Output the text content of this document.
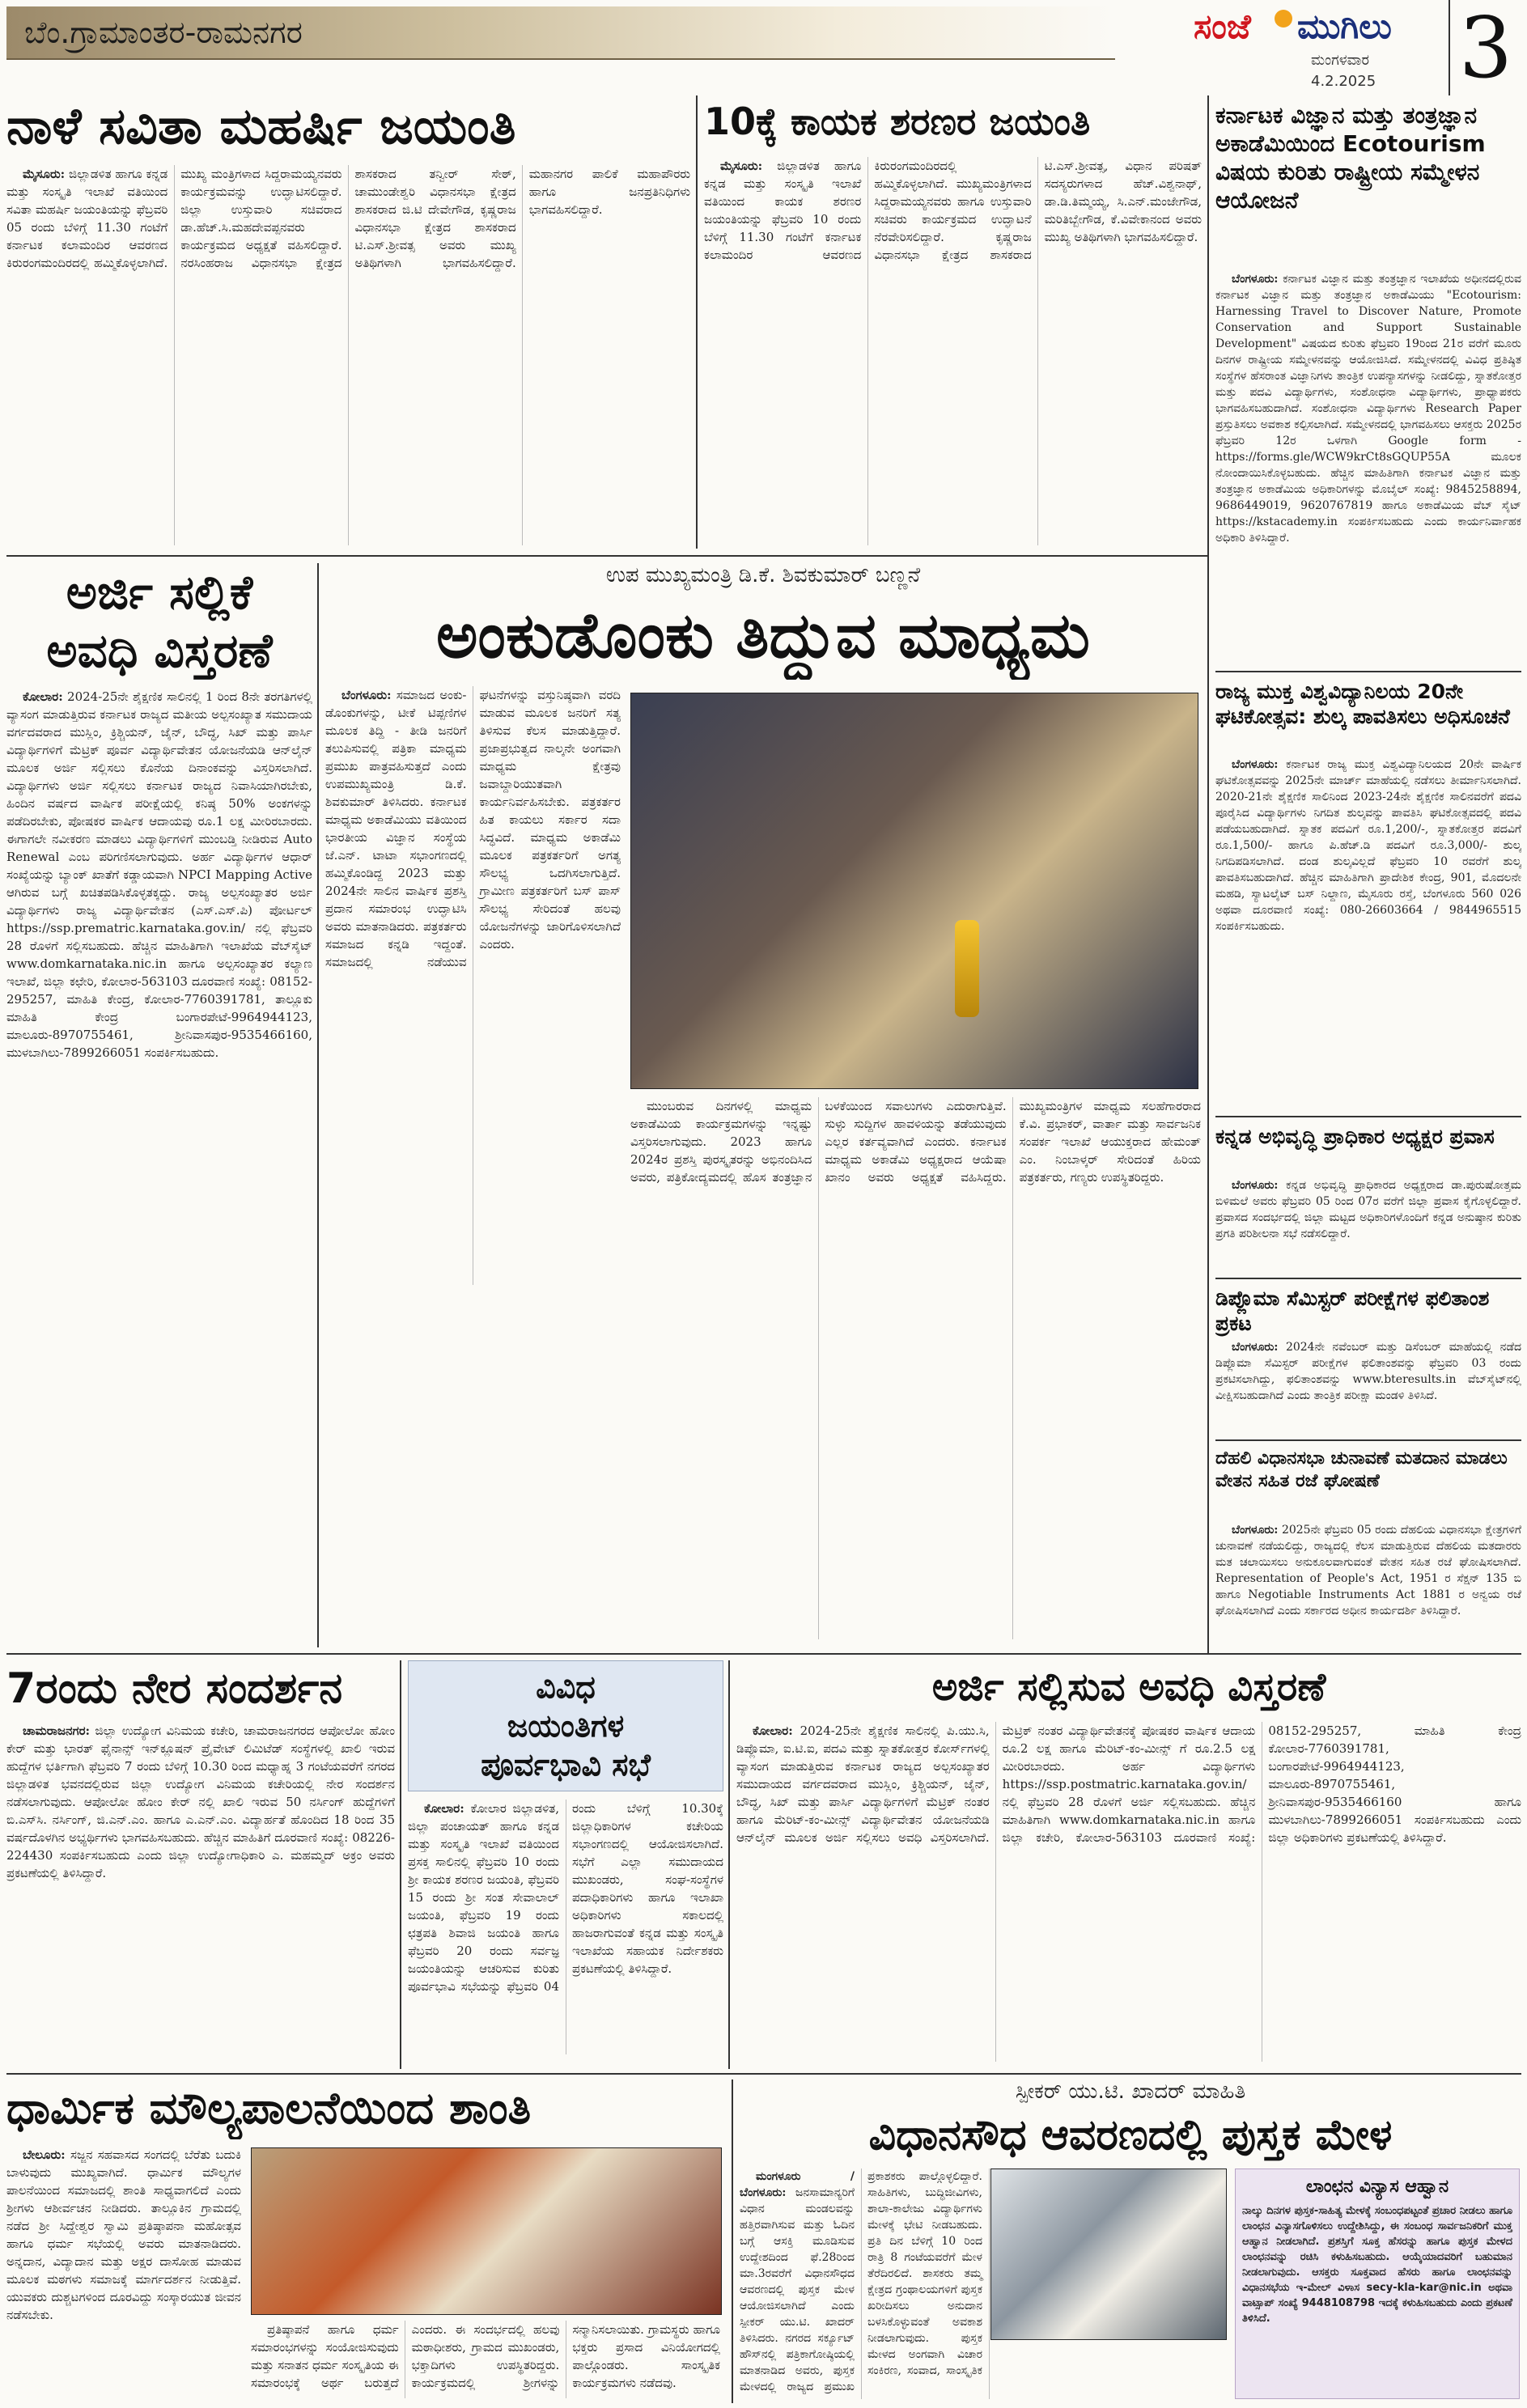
ಬೆಂ.ಗ್ರಾಮಾಂತರ-ರಾಮನಗರ	ಸಂಜೆ ಮುಗಿಲು
ಮಂಗಳವಾರ
4.2.2025 3
ನಾಳೆ ಸವಿತಾ ಮಹರ್ಷಿ ಜಯಂತಿ

ಮೈಸೂರು: ಜಿಲ್ಲಾಡಳಿತ ಹಾಗೂ ಕನ್ನಡ ಮತ್ತು ಸಂಸ್ಕೃತಿ ಇಲಾಖೆ ವತಿಯಿಂದ ಸವಿತಾ ಮಹರ್ಷಿ ಜಯಂತಿಯನ್ನು ಫೆಬ್ರವರಿ 05 ರಂದು ಬೆಳಿಗ್ಗೆ 11.30 ಗಂಟೆಗೆ ಕರ್ನಾಟಕ ಕಲಾಮಂದಿರ ಆವರಣದ ಕಿರುರಂಗಮಂದಿರದಲ್ಲಿ ಹಮ್ಮಿಕೊಳ್ಳಲಾಗಿದೆ. ಮುಖ್ಯ ಮಂತ್ರಿಗಳಾದ ಸಿದ್ದರಾಮಯ್ಯನವರು ಕಾರ್ಯಕ್ರಮವನ್ನು ಉದ್ಘಾಟಿಸಲಿದ್ದಾರೆ. ಜಿಲ್ಲಾ ಉಸ್ತುವಾರಿ ಸಚಿವರಾದ ಡಾ.ಹೆಚ್.ಸಿ.ಮಹದೇವಪ್ಪನವರು ಕಾರ್ಯಕ್ರಮದ ಅಧ್ಯಕ್ಷತೆ ವಹಿಸಲಿದ್ದಾರೆ. ನರಸಿಂಹರಾಜ ವಿಧಾನಸಭಾ ಕ್ಷೇತ್ರದ ಶಾಸಕರಾದ ತನ್ವೀರ್ ಸೇಠ್, ಚಾಮುಂಡೇಶ್ವರಿ ವಿಧಾನಸಭಾ ಕ್ಷೇತ್ರದ ಶಾಸಕರಾದ ಜಿ.ಟಿ ದೇವೇಗೌಡ, ಕೃಷ್ಣರಾಜ ವಿಧಾನಸಭಾ ಕ್ಷೇತ್ರದ ಶಾಸಕರಾದ ಟಿ.ಎಸ್.ಶ್ರೀವತ್ಸ ಅವರು ಮುಖ್ಯ ಅತಿಥಿಗಳಾಗಿ ಭಾಗವಹಿಸಲಿದ್ದಾರೆ. ಮಹಾನಗರ ಪಾಲಿಕೆ ಮಹಾಪೌರರು ಹಾಗೂ ಜನಪ್ರತಿನಿಧಿಗಳು ಭಾಗವಹಿಸಲಿದ್ದಾರೆ.

10ಕ್ಕೆ ಕಾಯಕ ಶರಣರ ಜಯಂತಿ

ಮೈಸೂರು: ಜಿಲ್ಲಾಡಳಿತ ಹಾಗೂ ಕನ್ನಡ ಮತ್ತು ಸಂಸ್ಕೃತಿ ಇಲಾಖೆ ವತಿಯಿಂದ ಕಾಯಕ ಶರಣರ ಜಯಂತಿಯನ್ನು ಫೆಬ್ರವರಿ 10 ರಂದು ಬೆಳಿಗ್ಗೆ 11.30 ಗಂಟೆಗೆ ಕರ್ನಾಟಕ ಕಲಾಮಂದಿರ ಆವರಣದ ಕಿರುರಂಗಮಂದಿರದಲ್ಲಿ ಹಮ್ಮಿಕೊಳ್ಳಲಾಗಿದೆ. ಮುಖ್ಯಮಂತ್ರಿಗಳಾದ ಸಿದ್ದರಾಮಯ್ಯನವರು ಹಾಗೂ ಉಸ್ತುವಾರಿ ಸಚಿವರು ಕಾರ್ಯಕ್ರಮದ ಉದ್ಘಾಟನೆ ನೆರವೇರಿಸಲಿದ್ದಾರೆ. ಕೃಷ್ಣರಾಜ ವಿಧಾನಸಭಾ ಕ್ಷೇತ್ರದ ಶಾಸಕರಾದ ಟಿ.ಎಸ್.ಶ್ರೀವತ್ಸ, ವಿಧಾನ ಪರಿಷತ್ ಸದಸ್ಯರುಗಳಾದ ಹೆಚ್.ವಿಶ್ವನಾಥ್, ಡಾ.ಡಿ.ತಿಮ್ಮಯ್ಯ, ಸಿ.ಎನ್.ಮಂಜೇಗೌಡ, ಮರಿತಿಬ್ಬೇಗೌಡ, ಕೆ.ವಿವೇಕಾನಂದ ಅವರು ಮುಖ್ಯ ಅತಿಥಿಗಳಾಗಿ ಭಾಗವಹಿಸಲಿದ್ದಾರೆ.

ಕರ್ನಾಟಕ ವಿಜ್ಞಾನ ಮತ್ತು ತಂತ್ರಜ್ಞಾನ ಅಕಾಡೆಮಿಯಿಂದ Ecotourism ವಿಷಯ ಕುರಿತು ರಾಷ್ಟ್ರೀಯ ಸಮ್ಮೇಳನ ಆಯೋಜನೆ

ಬೆಂಗಳೂರು: ಕರ್ನಾಟಕ ವಿಜ್ಞಾನ ಮತ್ತು ತಂತ್ರಜ್ಞಾನ ಇಲಾಖೆಯ ಅಧೀನದಲ್ಲಿರುವ ಕರ್ನಾಟಕ ವಿಜ್ಞಾನ ಮತ್ತು ತಂತ್ರಜ್ಞಾನ ಅಕಾಡೆಮಿಯು "Ecotourism: Harnessing Travel to Discover Nature, Promote Conservation and Support Sustainable Development" ವಿಷಯದ ಕುರಿತು ಫೆಬ್ರವರಿ 19ರಿಂದ 21ರ ವರೆಗೆ ಮೂರು ದಿನಗಳ ರಾಷ್ಟ್ರೀಯ ಸಮ್ಮೇಳನವನ್ನು ಆಯೋಜಿಸಿದೆ. ಸಮ್ಮೇಳನದಲ್ಲಿ ವಿವಿಧ ಪ್ರತಿಷ್ಠಿತ ಸಂಸ್ಥೆಗಳ ಹೆಸರಾಂತ ವಿಜ್ಞಾನಿಗಳು ತಾಂತ್ರಿಕ ಉಪನ್ಯಾಸಗಳನ್ನು ನೀಡಲಿದ್ದು, ಸ್ನಾತಕೋತ್ತರ ಮತ್ತು ಪದವಿ ವಿದ್ಯಾರ್ಥಿಗಳು, ಸಂಶೋಧನಾ ವಿದ್ಯಾರ್ಥಿಗಳು, ಪ್ರಾಧ್ಯಾಪಕರು ಭಾಗವಹಿಸಬಹುದಾಗಿದೆ. ಸಂಶೋಧನಾ ವಿದ್ಯಾರ್ಥಿಗಳು Research Paper ಪ್ರಸ್ತುತಿಸಲು ಅವಕಾಶ ಕಲ್ಪಿಸಲಾಗಿದೆ. ಸಮ್ಮೇಳನದಲ್ಲಿ ಭಾಗವಹಿಸಲು ಆಸಕ್ತರು 2025ರ ಫೆಬ್ರವರಿ 12ರ ಒಳಗಾಗಿ Google form - https://forms.gle/WCW9krCt8sGQUP55A ಮೂಲಕ ನೋಂದಾಯಿಸಿಕೊಳ್ಳಬಹುದು. ಹೆಚ್ಚಿನ ಮಾಹಿತಿಗಾಗಿ ಕರ್ನಾಟಕ ವಿಜ್ಞಾನ ಮತ್ತು ತಂತ್ರಜ್ಞಾನ ಅಕಾಡೆಮಿಯ ಅಧಿಕಾರಿಗಳನ್ನು ಮೊಬೈಲ್ ಸಂಖ್ಯೆ: 9845258894, 9686449019, 9620767819 ಹಾಗೂ ಅಕಾಡೆಮಿಯ ವೆಬ್ ಸೈಟ್ https://kstacademy.in ಸಂಪರ್ಕಿಸಬಹುದು ಎಂದು ಕಾರ್ಯನಿರ್ವಾಹಕ ಅಧಿಕಾರಿ ತಿಳಿಸಿದ್ದಾರೆ.

ರಾಜ್ಯ ಮುಕ್ತ ವಿಶ್ವವಿದ್ಯಾನಿಲಯ 20ನೇ ಘಟಿಕೋತ್ಸವ: ಶುಲ್ಕ ಪಾವತಿಸಲು ಅಧಿಸೂಚನೆ

ಬೆಂಗಳೂರು: ಕರ್ನಾಟಕ ರಾಜ್ಯ ಮುಕ್ತ ವಿಶ್ವವಿದ್ಯಾನಿಲಯದ 20ನೇ ವಾರ್ಷಿಕ ಘಟಿಕೋತ್ಸವವನ್ನು 2025ನೇ ಮಾರ್ಚ್ ಮಾಹೆಯಲ್ಲಿ ನಡೆಸಲು ತೀರ್ಮಾನಿಸಲಾಗಿದೆ. 2020-21ನೇ ಶೈಕ್ಷಣಿಕ ಸಾಲಿನಿಂದ 2023-24ನೇ ಶೈಕ್ಷಣಿಕ ಸಾಲಿನವರೆಗೆ ಪದವಿ ಪೂರೈಸಿದ ವಿದ್ಯಾರ್ಥಿಗಳು ನಿಗದಿತ ಶುಲ್ಕವನ್ನು ಪಾವತಿಸಿ ಘಟಿಕೋತ್ಸವದಲ್ಲಿ ಪದವಿ ಪಡೆಯಬಹುದಾಗಿದೆ. ಸ್ನಾತಕ ಪದವಿಗೆ ರೂ.1,200/-, ಸ್ನಾತಕೋತ್ತರ ಪದವಿಗೆ ರೂ.1,500/- ಹಾಗೂ ಪಿ.ಹೆಚ್.ಡಿ ಪದವಿಗೆ ರೂ.3,000/- ಶುಲ್ಕ ನಿಗದಿಪಡಿಸಲಾಗಿದೆ. ದಂಡ ಶುಲ್ಕವಿಲ್ಲದೆ ಫೆಬ್ರವರಿ 10 ರವರೆಗೆ ಶುಲ್ಕ ಪಾವತಿಸಬಹುದಾಗಿದೆ. ಹೆಚ್ಚಿನ ಮಾಹಿತಿಗಾಗಿ ಪ್ರಾದೇಶಿಕ ಕೇಂದ್ರ, 901, ಮೊದಲನೇ ಮಹಡಿ, ಸ್ಯಾಟಲೈಟ್ ಬಸ್ ನಿಲ್ದಾಣ, ಮೈಸೂರು ರಸ್ತೆ, ಬೆಂಗಳೂರು 560 026 ಅಥವಾ ದೂರವಾಣಿ ಸಂಖ್ಯೆ: 080-26603664 / 9844965515 ಸಂಪರ್ಕಿಸಬಹುದು.

ಕನ್ನಡ ಅಭಿವೃದ್ಧಿ ಪ್ರಾಧಿಕಾರ ಅಧ್ಯಕ್ಷರ ಪ್ರವಾಸ

ಬೆಂಗಳೂರು: ಕನ್ನಡ ಅಭಿವೃದ್ಧಿ ಪ್ರಾಧಿಕಾರದ ಅಧ್ಯಕ್ಷರಾದ ಡಾ.ಪುರುಷೋತ್ತಮ ಬಿಳಿಮಲೆ ಅವರು ಫೆಬ್ರವರಿ 05 ರಿಂದ 07ರ ವರೆಗೆ ಜಿಲ್ಲಾ ಪ್ರವಾಸ ಕೈಗೊಳ್ಳಲಿದ್ದಾರೆ. ಪ್ರವಾಸದ ಸಂದರ್ಭದಲ್ಲಿ ಜಿಲ್ಲಾ ಮಟ್ಟದ ಅಧಿಕಾರಿಗಳೊಂದಿಗೆ ಕನ್ನಡ ಅನುಷ್ಠಾನ ಕುರಿತು ಪ್ರಗತಿ ಪರಿಶೀಲನಾ ಸಭೆ ನಡೆಸಲಿದ್ದಾರೆ.

ಡಿಪ್ಲೊಮಾ ಸೆಮಿಸ್ಟರ್ ಪರೀಕ್ಷೆಗಳ ಫಲಿತಾಂಶ ಪ್ರಕಟ

ಬೆಂಗಳೂರು: 2024ನೇ ನವೆಂಬರ್ ಮತ್ತು ಡಿಸೆಂಬರ್ ಮಾಹೆಯಲ್ಲಿ ನಡೆದ ಡಿಪ್ಲೊಮಾ ಸೆಮಿಸ್ಟರ್ ಪರೀಕ್ಷೆಗಳ ಫಲಿತಾಂಶವನ್ನು ಫೆಬ್ರವರಿ 03 ರಂದು ಪ್ರಕಟಿಸಲಾಗಿದ್ದು, ಫಲಿತಾಂಶವನ್ನು www.bteresults.in ವೆಬ್‌ಸೈಟ್‌ನಲ್ಲಿ ವೀಕ್ಷಿಸಬಹುದಾಗಿದೆ ಎಂದು ತಾಂತ್ರಿಕ ಪರೀಕ್ಷಾ ಮಂಡಳಿ ತಿಳಿಸಿದೆ.

ದೆಹಲಿ ವಿಧಾನಸಭಾ ಚುನಾವಣೆ ಮತದಾನ ಮಾಡಲು ವೇತನ ಸಹಿತ ರಜೆ ಘೋಷಣೆ

ಬೆಂಗಳೂರು: 2025ನೇ ಫೆಬ್ರವರಿ 05 ರಂದು ದೆಹಲಿಯ ವಿಧಾನಸಭಾ ಕ್ಷೇತ್ರಗಳಿಗೆ ಚುನಾವಣೆ ನಡೆಯಲಿದ್ದು, ರಾಜ್ಯದಲ್ಲಿ ಕೆಲಸ ಮಾಡುತ್ತಿರುವ ದೆಹಲಿಯ ಮತದಾರರು ಮತ ಚಲಾಯಿಸಲು ಅನುಕೂಲವಾಗುವಂತೆ ವೇತನ ಸಹಿತ ರಜೆ ಘೋಷಿಸಲಾಗಿದೆ. Representation of People's Act, 1951 ರ ಸೆಕ್ಷನ್ 135 ಬಿ ಹಾಗೂ Negotiable Instruments Act 1881 ರ ಅನ್ವಯ ರಜೆ ಘೋಷಿಸಲಾಗಿದೆ ಎಂದು ಸರ್ಕಾರದ ಅಧೀನ ಕಾರ್ಯದರ್ಶಿ ತಿಳಿಸಿದ್ದಾರೆ.

ಅರ್ಜಿ ಸಲ್ಲಿಕೆ
ಅವಧಿ ವಿಸ್ತರಣೆ

ಕೋಲಾರ: 2024-25ನೇ ಶೈಕ್ಷಣಿಕ ಸಾಲಿನಲ್ಲಿ 1 ರಿಂದ 8ನೇ ತರಗತಿಗಳಲ್ಲಿ ವ್ಯಾಸಂಗ ಮಾಡುತ್ತಿರುವ ಕರ್ನಾಟಕ ರಾಜ್ಯದ ಮತೀಯ ಅಲ್ಪಸಂಖ್ಯಾತ ಸಮುದಾಯ ವರ್ಗದವರಾದ ಮುಸ್ಲಿಂ, ಕ್ರಿಶ್ಚಿಯನ್, ಜೈನ್, ಬೌದ್ಧ, ಸಿಖ್ ಮತ್ತು ಪಾರ್ಸಿ ವಿದ್ಯಾರ್ಥಿಗಳಿಗೆ ಮೆಟ್ರಿಕ್ ಪೂರ್ವ ವಿದ್ಯಾರ್ಥಿವೇತನ ಯೋಜನೆಯಡಿ ಆನ್‌ಲೈನ್ ಮೂಲಕ ಅರ್ಜಿ ಸಲ್ಲಿಸಲು ಕೊನೆಯ ದಿನಾಂಕವನ್ನು ವಿಸ್ತರಿಸಲಾಗಿದೆ. ವಿದ್ಯಾರ್ಥಿಗಳು ಅರ್ಜಿ ಸಲ್ಲಿಸಲು ಕರ್ನಾಟಕ ರಾಜ್ಯದ ನಿವಾಸಿಯಾಗಿರಬೇಕು, ಹಿಂದಿನ ವರ್ಷದ ವಾರ್ಷಿಕ ಪರೀಕ್ಷೆಯಲ್ಲಿ ಕನಿಷ್ಠ 50% ಅಂಕಗಳನ್ನು ಪಡೆದಿರಬೇಕು, ಪೋಷಕರ ವಾರ್ಷಿಕ ಆದಾಯವು ರೂ.1 ಲಕ್ಷ ಮೀರಿರಬಾರದು. ಈಗಾಗಲೇ ನವೀಕರಣ ಮಾಡಲು ವಿದ್ಯಾರ್ಥಿಗಳಿಗೆ ಮುಂಬಡ್ತಿ ನೀಡಿರುವ Auto Renewal ಎಂಬ ಪರಿಗಣಿಸಲಾಗುವುದು. ಅರ್ಹ ವಿದ್ಯಾರ್ಥಿಗಳ ಆಧಾರ್ ಸಂಖ್ಯೆಯನ್ನು ಬ್ಯಾಂಕ್ ಖಾತೆಗೆ ಕಡ್ಡಾಯವಾಗಿ NPCI Mapping Active ಆಗಿರುವ ಬಗ್ಗೆ ಖಚಿತಪಡಿಸಿಕೊಳ್ಳತಕ್ಕದ್ದು. ರಾಜ್ಯ ಅಲ್ಪಸಂಖ್ಯಾತರ ಅರ್ಜಿ ವಿದ್ಯಾರ್ಥಿಗಳು ರಾಜ್ಯ ವಿದ್ಯಾರ್ಥಿವೇತನ (ಎಸ್.ಎಸ್.ಪಿ) ಪೋರ್ಟಲ್ https://ssp.prematric.karnataka.gov.in/ ನಲ್ಲಿ ಫೆಬ್ರವರಿ 28 ರೊಳಗೆ ಸಲ್ಲಿಸಬಹುದು. ಹೆಚ್ಚಿನ ಮಾಹಿತಿಗಾಗಿ ಇಲಾಖೆಯ ವೆಬ್‌ಸೈಟ್ www.domkarnataka.nic.in ಹಾಗೂ ಅಲ್ಪಸಂಖ್ಯಾತರ ಕಲ್ಯಾಣ ಇಲಾಖೆ, ಜಿಲ್ಲಾ ಕಛೇರಿ, ಕೋಲಾರ-563103 ದೂರವಾಣಿ ಸಂಖ್ಯೆ: 08152-295257, ಮಾಹಿತಿ ಕೇಂದ್ರ, ಕೋಲಾರ-7760391781, ತಾಲ್ಲೂಕು ಮಾಹಿತಿ ಕೇಂದ್ರ ಬಂಗಾರಪೇಟೆ-9964944123, ಮಾಲೂರು-8970755461, ಶ್ರೀನಿವಾಸಪುರ-9535466160, ಮುಳಬಾಗಿಲು-7899266051 ಸಂಪರ್ಕಿಸಬಹುದು.

ಉಪ ಮುಖ್ಯಮಂತ್ರಿ ಡಿ.ಕೆ. ಶಿವಕುಮಾರ್ ಬಣ್ಣನೆ
ಅಂಕುಡೊಂಕು ತಿದ್ದುವ ಮಾಧ್ಯಮ

ಬೆಂಗಳೂರು: ಸಮಾಜದ ಅಂಕು-ಡೊಂಕುಗಳನ್ನು, ಟೀಕೆ ಟಿಪ್ಪಣಿಗಳ ಮೂಲಕ ತಿದ್ದಿ - ತೀಡಿ ಜನರಿಗೆ ತಲುಪಿಸುವಲ್ಲಿ ಪತ್ರಿಕಾ ಮಾಧ್ಯಮ ಪ್ರಮುಖ ಪಾತ್ರವಹಿಸುತ್ತದೆ ಎಂದು ಉಪಮುಖ್ಯಮಂತ್ರಿ ಡಿ.ಕೆ. ಶಿವಕುಮಾರ್ ತಿಳಿಸಿದರು. ಕರ್ನಾಟಕ ಮಾಧ್ಯಮ ಅಕಾಡೆಮಿಯು ವತಿಯಿಂದ ಭಾರತೀಯ ವಿಜ್ಞಾನ ಸಂಸ್ಥೆಯ ಜೆ.ಎನ್. ಟಾಟಾ ಸಭಾಂಗಣದಲ್ಲಿ ಹಮ್ಮಿಕೊಂಡಿದ್ದ 2023 ಮತ್ತು 2024ನೇ ಸಾಲಿನ ವಾರ್ಷಿಕ ಪ್ರಶಸ್ತಿ ಪ್ರದಾನ ಸಮಾರಂಭ ಉದ್ಘಾಟಿಸಿ ಅವರು ಮಾತನಾಡಿದರು. ಪತ್ರಕರ್ತರು ಸಮಾಜದ ಕನ್ನಡಿ ಇದ್ದಂತೆ. ಸಮಾಜದಲ್ಲಿ ನಡೆಯುವ ಘಟನೆಗಳನ್ನು ವಸ್ತುನಿಷ್ಠವಾಗಿ ವರದಿ ಮಾಡುವ ಮೂಲಕ ಜನರಿಗೆ ಸತ್ಯ ತಿಳಿಸುವ ಕೆಲಸ ಮಾಡುತ್ತಿದ್ದಾರೆ. ಪ್ರಜಾಪ್ರಭುತ್ವದ ನಾಲ್ಕನೇ ಅಂಗವಾಗಿ ಮಾಧ್ಯಮ ಕ್ಷೇತ್ರವು ಜವಾಬ್ದಾರಿಯುತವಾಗಿ ಕಾರ್ಯನಿರ್ವಹಿಸಬೇಕು. ಪತ್ರಕರ್ತರ ಹಿತ ಕಾಯಲು ಸರ್ಕಾರ ಸದಾ ಸಿದ್ಧವಿದೆ. ಮಾಧ್ಯಮ ಅಕಾಡೆಮಿ ಮೂಲಕ ಪತ್ರಕರ್ತರಿಗೆ ಅಗತ್ಯ ಸೌಲಭ್ಯ ಒದಗಿಸಲಾಗುತ್ತಿದೆ. ಗ್ರಾಮೀಣ ಪತ್ರಕರ್ತರಿಗೆ ಬಸ್ ಪಾಸ್ ಸೌಲಭ್ಯ ಸೇರಿದಂತೆ ಹಲವು ಯೋಜನೆಗಳನ್ನು ಜಾರಿಗೊಳಿಸಲಾಗಿದೆ ಎಂದರು.

ಮುಂಬರುವ ದಿನಗಳಲ್ಲಿ ಮಾಧ್ಯಮ ಅಕಾಡೆಮಿಯ ಕಾರ್ಯಕ್ರಮಗಳನ್ನು ಇನ್ನಷ್ಟು ವಿಸ್ತರಿಸಲಾಗುವುದು. 2023 ಹಾಗೂ 2024ರ ಪ್ರಶಸ್ತಿ ಪುರಸ್ಕೃತರನ್ನು ಅಭಿನಂದಿಸಿದ ಅವರು, ಪತ್ರಿಕೋದ್ಯಮದಲ್ಲಿ ಹೊಸ ತಂತ್ರಜ್ಞಾನ ಬಳಕೆಯಿಂದ ಸವಾಲುಗಳು ಎದುರಾಗುತ್ತಿವೆ. ಸುಳ್ಳು ಸುದ್ದಿಗಳ ಹಾವಳಿಯನ್ನು ತಡೆಯುವುದು ಎಲ್ಲರ ಕರ್ತವ್ಯವಾಗಿದೆ ಎಂದರು. ಕರ್ನಾಟಕ ಮಾಧ್ಯಮ ಅಕಾಡೆಮಿ ಅಧ್ಯಕ್ಷರಾದ ಆಯೆಷಾ ಖಾನಂ ಅವರು ಅಧ್ಯಕ್ಷತೆ ವಹಿಸಿದ್ದರು. ಮುಖ್ಯಮಂತ್ರಿಗಳ ಮಾಧ್ಯಮ ಸಲಹೆಗಾರರಾದ ಕೆ.ವಿ. ಪ್ರಭಾಕರ್, ವಾರ್ತಾ ಮತ್ತು ಸಾರ್ವಜನಿಕ ಸಂಪರ್ಕ ಇಲಾಖೆ ಆಯುಕ್ತರಾದ ಹೇಮಂತ್ ಎಂ. ನಿಂಬಾಳ್ಕರ್ ಸೇರಿದಂತೆ ಹಿರಿಯ ಪತ್ರಕರ್ತರು, ಗಣ್ಯರು ಉಪಸ್ಥಿತರಿದ್ದರು.

7ರಂದು ನೇರ ಸಂದರ್ಶನ

ಚಾಮರಾಜನಗರ: ಜಿಲ್ಲಾ ಉದ್ಯೋಗ ವಿನಿಮಯ ಕಚೇರಿ, ಚಾಮರಾಜನಗರದ ಆಪೋಲೋ ಹೋಂ ಕೇರ್ ಮತ್ತು ಭಾರತ್ ಫೈನಾನ್ಸ್ ಇನ್‌ಕ್ಲೂಷನ್ ಪ್ರೈವೇಟ್ ಲಿಮಿಟೆಡ್ ಸಂಸ್ಥೆಗಳಲ್ಲಿ ಖಾಲಿ ಇರುವ ಹುದ್ದೆಗಳ ಭರ್ತಿಗಾಗಿ ಫೆಬ್ರವರಿ 7 ರಂದು ಬೆಳಿಗ್ಗೆ 10.30 ರಿಂದ ಮಧ್ಯಾಹ್ನ 3 ಗಂಟೆಯವರೆಗೆ ನಗರದ ಜಿಲ್ಲಾಡಳಿತ ಭವನದಲ್ಲಿರುವ ಜಿಲ್ಲಾ ಉದ್ಯೋಗ ವಿನಿಮಯ ಕಚೇರಿಯಲ್ಲಿ ನೇರ ಸಂದರ್ಶನ ನಡೆಸಲಾಗುವುದು. ಆಪೋಲೋ ಹೋಂ ಕೇರ್ ನಲ್ಲಿ ಖಾಲಿ ಇರುವ 50 ನರ್ಸಿಂಗ್ ಹುದ್ದೆಗಳಿಗೆ ಬಿ.ಎಸ್‌ಸಿ. ನರ್ಸಿಂಗ್, ಜಿ.ಎನ್.ಎಂ. ಹಾಗೂ ಎ.ಎನ್.ಎಂ. ವಿದ್ಯಾರ್ಹತೆ ಹೊಂದಿದ 18 ರಿಂದ 35 ವರ್ಷದೊಳಗಿನ ಅಭ್ಯರ್ಥಿಗಳು ಭಾಗವಹಿಸಬಹುದು. ಹೆಚ್ಚಿನ ಮಾಹಿತಿಗೆ ದೂರವಾಣಿ ಸಂಖ್ಯೆ: 08226-224430 ಸಂಪರ್ಕಿಸಬಹುದು ಎಂದು ಜಿಲ್ಲಾ ಉದ್ಯೋಗಾಧಿಕಾರಿ ಎ. ಮಹಮ್ಮದ್ ಅಕ್ರಂ ಅವರು ಪ್ರಕಟಣೆಯಲ್ಲಿ ತಿಳಿಸಿದ್ದಾರೆ.

ವಿವಿಧ
ಜಯಂತಿಗಳ
ಪೂರ್ವಭಾವಿ ಸಭೆ

ಕೋಲಾರ: ಕೋಲಾರ ಜಿಲ್ಲಾಡಳಿತ, ಜಿಲ್ಲಾ ಪಂಚಾಯತ್ ಹಾಗೂ ಕನ್ನಡ ಮತ್ತು ಸಂಸ್ಕೃತಿ ಇಲಾಖೆ ವತಿಯಿಂದ ಪ್ರಸಕ್ತ ಸಾಲಿನಲ್ಲಿ ಫೆಬ್ರವರಿ 10 ರಂದು ಶ್ರೀ ಕಾಯಕ ಶರಣರ ಜಯಂತಿ, ಫೆಬ್ರವರಿ 15 ರಂದು ಶ್ರೀ ಸಂತ ಸೇವಾಲಾಲ್ ಜಯಂತಿ, ಫೆಬ್ರವರಿ 19 ರಂದು ಛತ್ರಪತಿ ಶಿವಾಜಿ ಜಯಂತಿ ಹಾಗೂ ಫೆಬ್ರವರಿ 20 ರಂದು ಸರ್ವಜ್ಞ ಜಯಂತಿಯನ್ನು ಆಚರಿಸುವ ಕುರಿತು ಪೂರ್ವಭಾವಿ ಸಭೆಯನ್ನು ಫೆಬ್ರವರಿ 04 ರಂದು ಬೆಳಿಗ್ಗೆ 10.30ಕ್ಕೆ ಜಿಲ್ಲಾಧಿಕಾರಿಗಳ ಕಚೇರಿಯ ಸಭಾಂಗಣದಲ್ಲಿ ಆಯೋಜಿಸಲಾಗಿದೆ. ಸಭೆಗೆ ಎಲ್ಲಾ ಸಮುದಾಯದ ಮುಖಂಡರು, ಸಂಘ-ಸಂಸ್ಥೆಗಳ ಪದಾಧಿಕಾರಿಗಳು ಹಾಗೂ ಇಲಾಖಾ ಅಧಿಕಾರಿಗಳು ಸಕಾಲದಲ್ಲಿ ಹಾಜರಾಗುವಂತೆ ಕನ್ನಡ ಮತ್ತು ಸಂಸ್ಕೃತಿ ಇಲಾಖೆಯ ಸಹಾಯಕ ನಿರ್ದೇಶಕರು ಪ್ರಕಟಣೆಯಲ್ಲಿ ತಿಳಿಸಿದ್ದಾರೆ.

ಅರ್ಜಿ ಸಲ್ಲಿಸುವ ಅವಧಿ ವಿಸ್ತರಣೆ

ಕೋಲಾರ: 2024-25ನೇ ಶೈಕ್ಷಣಿಕ ಸಾಲಿನಲ್ಲಿ ಪಿ.ಯು.ಸಿ, ಡಿಪ್ಲೊಮಾ, ಐ.ಟಿ.ಐ, ಪದವಿ ಮತ್ತು ಸ್ನಾತಕೋತ್ತರ ಕೋರ್ಸ್‌ಗಳಲ್ಲಿ ವ್ಯಾಸಂಗ ಮಾಡುತ್ತಿರುವ ಕರ್ನಾಟಕ ರಾಜ್ಯದ ಅಲ್ಪಸಂಖ್ಯಾತರ ಸಮುದಾಯದ ವರ್ಗದವರಾದ ಮುಸ್ಲಿಂ, ಕ್ರಿಶ್ಚಿಯನ್, ಜೈನ್, ಬೌದ್ಧ, ಸಿಖ್ ಮತ್ತು ಪಾರ್ಸಿ ವಿದ್ಯಾರ್ಥಿಗಳಿಗೆ ಮೆಟ್ರಿಕ್ ನಂತರ ಹಾಗೂ ಮೆರಿಟ್-ಕಂ-ಮೀನ್ಸ್ ವಿದ್ಯಾರ್ಥಿವೇತನ ಯೋಜನೆಯಡಿ ಆನ್‌ಲೈನ್ ಮೂಲಕ ಅರ್ಜಿ ಸಲ್ಲಿಸಲು ಅವಧಿ ವಿಸ್ತರಿಸಲಾಗಿದೆ. ಮೆಟ್ರಿಕ್ ನಂತರ ವಿದ್ಯಾರ್ಥಿವೇತನಕ್ಕೆ ಪೋಷಕರ ವಾರ್ಷಿಕ ಆದಾಯ ರೂ.2 ಲಕ್ಷ ಹಾಗೂ ಮೆರಿಟ್-ಕಂ-ಮೀನ್ಸ್ ಗೆ ರೂ.2.5 ಲಕ್ಷ ಮೀರಿರಬಾರದು. ಅರ್ಹ ವಿದ್ಯಾರ್ಥಿಗಳು https://ssp.postmatric.karnataka.gov.in/ ನಲ್ಲಿ ಫೆಬ್ರವರಿ 28 ರೊಳಗೆ ಅರ್ಜಿ ಸಲ್ಲಿಸಬಹುದು. ಹೆಚ್ಚಿನ ಮಾಹಿತಿಗಾಗಿ www.domkarnataka.nic.in ಹಾಗೂ ಜಿಲ್ಲಾ ಕಚೇರಿ, ಕೋಲಾರ-563103 ದೂರವಾಣಿ ಸಂಖ್ಯೆ: 08152-295257, ಮಾಹಿತಿ ಕೇಂದ್ರ ಕೋಲಾರ-7760391781, ಬಂಗಾರಪೇಟೆ-9964944123, ಮಾಲೂರು-8970755461, ಶ್ರೀನಿವಾಸಪುರ-9535466160 ಹಾಗೂ ಮುಳಬಾಗಿಲು-7899266051 ಸಂಪರ್ಕಿಸಬಹುದು ಎಂದು ಜಿಲ್ಲಾ ಅಧಿಕಾರಿಗಳು ಪ್ರಕಟಣೆಯಲ್ಲಿ ತಿಳಿಸಿದ್ದಾರೆ.

ಧಾರ್ಮಿಕ ಮೌಲ್ಯಪಾಲನೆಯಿಂದ ಶಾಂತಿ

ಬೇಲೂರು: ಸಜ್ಜನ ಸಹವಾಸದ ಸಂಗದಲ್ಲಿ ಬೆರೆತು ಬದುಕಿ ಬಾಳುವುದು ಮುಖ್ಯವಾಗಿದೆ. ಧಾರ್ಮಿಕ ಮೌಲ್ಯಗಳ ಪಾಲನೆಯಿಂದ ಸಮಾಜದಲ್ಲಿ ಶಾಂತಿ ಸಾಧ್ಯವಾಗಲಿದೆ ಎಂದು ಶ್ರೀಗಳು ಆಶೀರ್ವಚನ ನೀಡಿದರು. ತಾಲ್ಲೂಕಿನ ಗ್ರಾಮದಲ್ಲಿ ನಡೆದ ಶ್ರೀ ಸಿದ್ದೇಶ್ವರ ಸ್ವಾಮಿ ಪ್ರತಿಷ್ಠಾಪನಾ ಮಹೋತ್ಸವ ಹಾಗೂ ಧರ್ಮ ಸಭೆಯಲ್ಲಿ ಅವರು ಮಾತನಾಡಿದರು. ಅನ್ನದಾನ, ವಿದ್ಯಾದಾನ ಮತ್ತು ಅಕ್ಷರ ದಾಸೋಹ ಮಾಡುವ ಮೂಲಕ ಮಠಗಳು ಸಮಾಜಕ್ಕೆ ಮಾರ್ಗದರ್ಶನ ನೀಡುತ್ತಿವೆ. ಯುವಕರು ದುಶ್ಚಟಗಳಿಂದ ದೂರವಿದ್ದು ಸಂಸ್ಕಾರಯುತ ಜೀವನ ನಡೆಸಬೇಕು.

ಪ್ರತಿಷ್ಠಾಪನೆ ಹಾಗೂ ಧರ್ಮ ಸಮಾರಂಭಗಳನ್ನು ಸಂಯೋಜಿಸುವುದು ಮತ್ತು ಸನಾತನ ಧರ್ಮ ಸಂಸ್ಕೃತಿಯ ಈ ಸಮಾರಂಭಕ್ಕೆ ಅರ್ಥ ಬರುತ್ತದೆ ಎಂದರು. ಈ ಸಂದರ್ಭದಲ್ಲಿ ಹಲವು ಮಠಾಧೀಶರು, ಗ್ರಾಮದ ಮುಖಂಡರು, ಭಕ್ತಾದಿಗಳು ಉಪಸ್ಥಿತರಿದ್ದರು. ಕಾರ್ಯಕ್ರಮದಲ್ಲಿ ಶ್ರೀಗಳನ್ನು ಸನ್ಮಾನಿಸಲಾಯಿತು. ಗ್ರಾಮಸ್ಥರು ಹಾಗೂ ಭಕ್ತರು ಪ್ರಸಾದ ವಿನಿಯೋಗದಲ್ಲಿ ಪಾಲ್ಗೊಂಡರು. ಸಾಂಸ್ಕೃತಿಕ ಕಾರ್ಯಕ್ರಮಗಳು ನಡೆದವು.

ಸ್ಪೀಕರ್ ಯು.ಟಿ. ಖಾದರ್ ಮಾಹಿತಿ
ವಿಧಾನಸೌಧ ಆವರಣದಲ್ಲಿ ಪುಸ್ತಕ ಮೇಳ

ಮಂಗಳೂರು / ಬೆಂಗಳೂರು: ಜನಸಾಮಾನ್ಯರಿಗೆ ವಿಧಾನ ಮಂಡಲವನ್ನು ಹತ್ತಿರವಾಗಿಸುವ ಮತ್ತು ಓದಿನ ಬಗ್ಗೆ ಆಸಕ್ತಿ ಮೂಡಿಸುವ ಉದ್ದೇಶದಿಂದ ಫೆ.28ರಿಂದ ಮಾ.3ರವರೆಗೆ ವಿಧಾನಸೌಧದ ಆವರಣದಲ್ಲಿ ಪುಸ್ತಕ ಮೇಳ ಆಯೋಜಿಸಲಾಗಿದೆ ಎಂದು ಸ್ಪೀಕರ್ ಯು.ಟಿ. ಖಾದರ್ ತಿಳಿಸಿದರು. ನಗರದ ಸರ್ಕ್ಯೂಟ್ ಹೌಸ್‌ನಲ್ಲಿ ಪತ್ರಿಕಾಗೋಷ್ಠಿಯಲ್ಲಿ ಮಾತನಾಡಿದ ಅವರು, ಪುಸ್ತಕ ಮೇಳದಲ್ಲಿ ರಾಜ್ಯದ ಪ್ರಮುಖ ಪ್ರಕಾಶಕರು ಪಾಲ್ಗೊಳ್ಳಲಿದ್ದಾರೆ. ಸಾಹಿತಿಗಳು, ಬುದ್ಧಿಜೀವಿಗಳು, ಶಾಲಾ-ಕಾಲೇಜು ವಿದ್ಯಾರ್ಥಿಗಳು ಮೇಳಕ್ಕೆ ಭೇಟಿ ನೀಡಬಹುದು. ಪ್ರತಿ ದಿನ ಬೆಳಿಗ್ಗೆ 10 ರಿಂದ ರಾತ್ರಿ 8 ಗಂಟೆಯವರೆಗೆ ಮೇಳ ತೆರೆದಿರಲಿದೆ. ಶಾಸಕರು ತಮ್ಮ ಕ್ಷೇತ್ರದ ಗ್ರಂಥಾಲಯಗಳಿಗೆ ಪುಸ್ತಕ ಖರೀದಿಸಲು ಅನುದಾನ ಬಳಸಿಕೊಳ್ಳುವಂತೆ ಅವಕಾಶ ನೀಡಲಾಗುವುದು. ಪುಸ್ತಕ ಮೇಳದ ಅಂಗವಾಗಿ ವಿಚಾರ ಸಂಕಿರಣ, ಸಂವಾದ, ಸಾಂಸ್ಕೃತಿಕ

ಲಾಂಛನ ವಿನ್ಯಾಸ ಆಹ್ವಾನ
ನಾಲ್ಕು ದಿನಗಳ ಪುಸ್ತಕ-ಸಾಹಿತ್ಯ ಮೇಳಕ್ಕೆ ಸಂಬಂಧಪಟ್ಟಂತೆ ಪ್ರಚಾರ ನೀಡಲು ಹಾಗೂ ಲಾಂಛನ ವಿನ್ಯಾಸಗೊಳಿಸಲು ಉದ್ದೇಶಿಸಿದ್ದು, ಈ ಸಂಬಂಧ ಸಾರ್ವಜನಿಕರಿಗೆ ಮುಕ್ತ ಆಹ್ವಾನ ನೀಡಲಾಗಿದೆ. ಪ್ರಶಸ್ತಿಗೆ ಸೂಕ್ತ ಹೆಸರನ್ನು ಹಾಗೂ ಪುಸ್ತಕ ಮೇಳದ ಲಾಂಛನವನ್ನು ರಚಿಸಿ ಕಳುಹಿಸಬಹುದು. ಆಯ್ಕೆಯಾದವರಿಗೆ ಬಹುಮಾನ ನೀಡಲಾಗುವುದು. ಆಸಕ್ತರು ಸೂಕ್ತವಾದ ಹೆಸರು ಹಾಗೂ ಲಾಂಛನವನ್ನು ವಿಧಾನಸಭೆಯ ಇ-ಮೇಲ್ ವಿಳಾಸ secy-kla-kar@nic.in ಅಥವಾ ವಾಟ್ಸಾಪ್ ಸಂಖ್ಯೆ 9448108798 ಇದಕ್ಕೆ ಕಳುಹಿಸಬಹುದು ಎಂದು ಪ್ರಕಟಣೆ ತಿಳಿಸಿದೆ.
